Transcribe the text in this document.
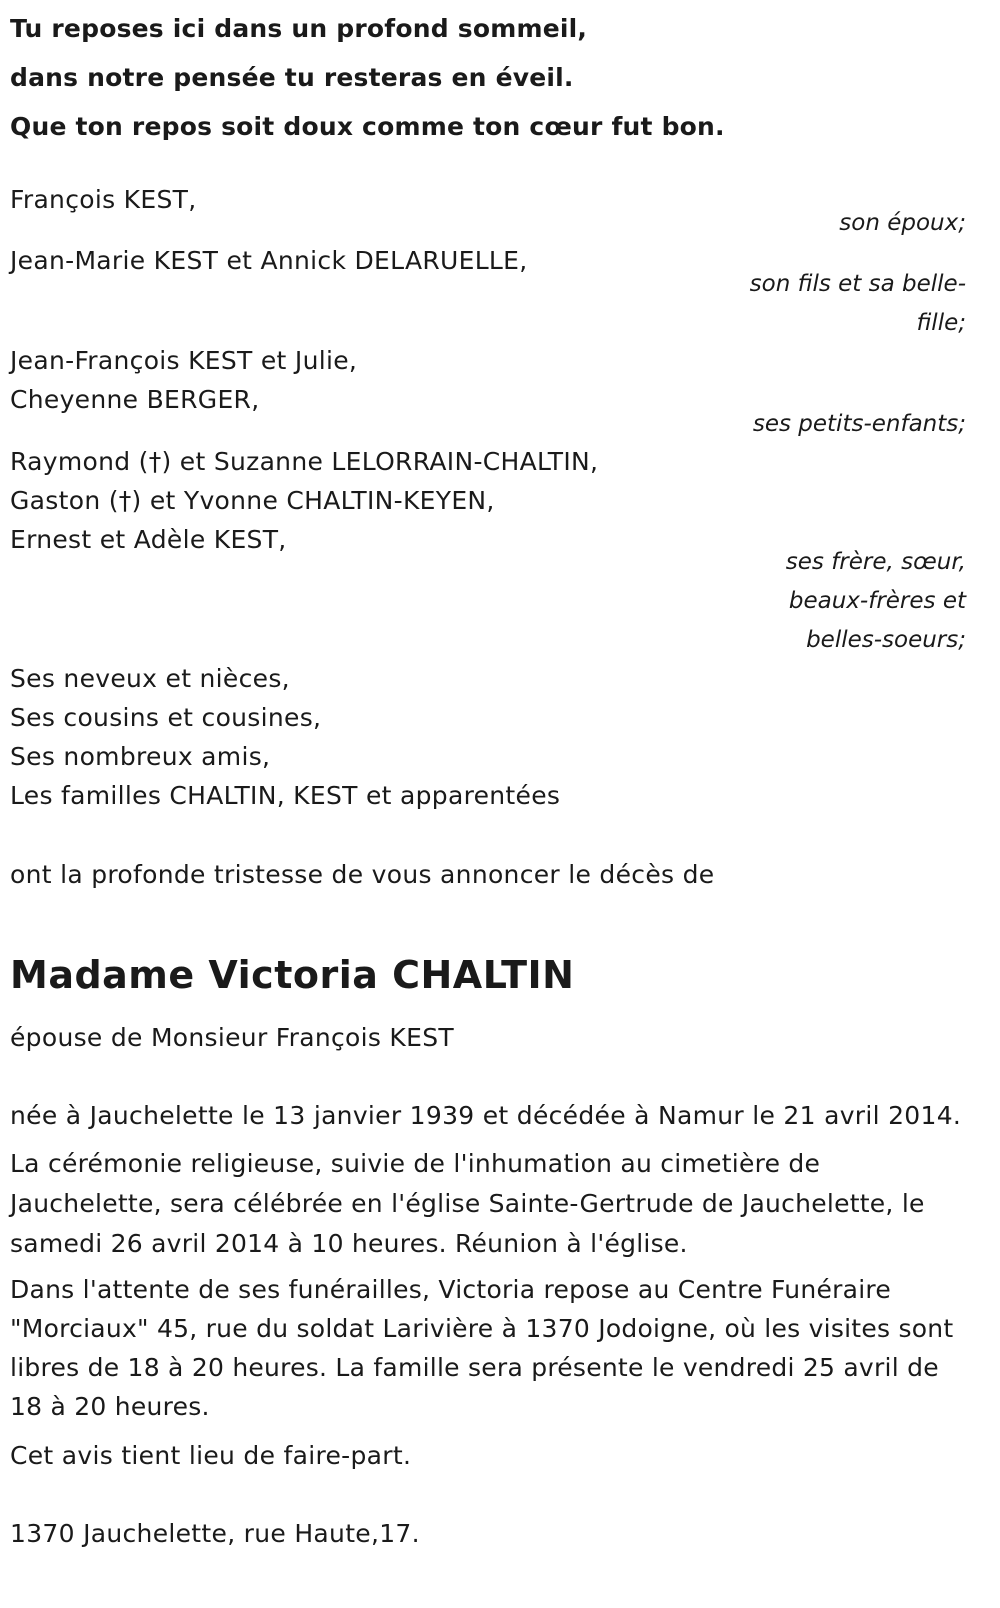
Tu reposes ici dans un profond sommeil,
dans notre pensée tu resteras en éveil.
Que ton repos soit doux comme ton cœur fut bon.
François KEST,
son époux;
Jean-Marie KEST et Annick DELARUELLE,
son fils et sa belle-
fille;
Jean-François KEST et Julie,
Cheyenne BERGER,
ses petits-enfants;
Raymond (†) et Suzanne LELORRAIN-CHALTIN,
Gaston (†) et Yvonne CHALTIN-KEYEN,
Ernest et Adèle KEST,
ses frère, sœur,
beaux-frères et
belles-soeurs;
Ses neveux et nièces,
Ses cousins et cousines,
Ses nombreux amis,
Les familles CHALTIN, KEST et apparentées
ont la profonde tristesse de vous annoncer le décès de
Madame Victoria CHALTIN
épouse de Monsieur François KEST
née à Jauchelette le 13 janvier 1939 et décédée à Namur le 21 avril 2014.
La cérémonie religieuse, suivie de l'inhumation au cimetière de
Jauchelette, sera célébrée en l'église Sainte-Gertrude de Jauchelette, le
samedi 26 avril 2014 à 10 heures. Réunion à l'église.
Dans l'attente de ses funérailles, Victoria repose au Centre Funéraire
"Morciaux" 45, rue du soldat Larivière à 1370 Jodoigne, où les visites sont
libres de 18 à 20 heures. La famille sera présente le vendredi 25 avril de
18 à 20 heures.
Cet avis tient lieu de faire-part.
1370 Jauchelette, rue Haute,17.
